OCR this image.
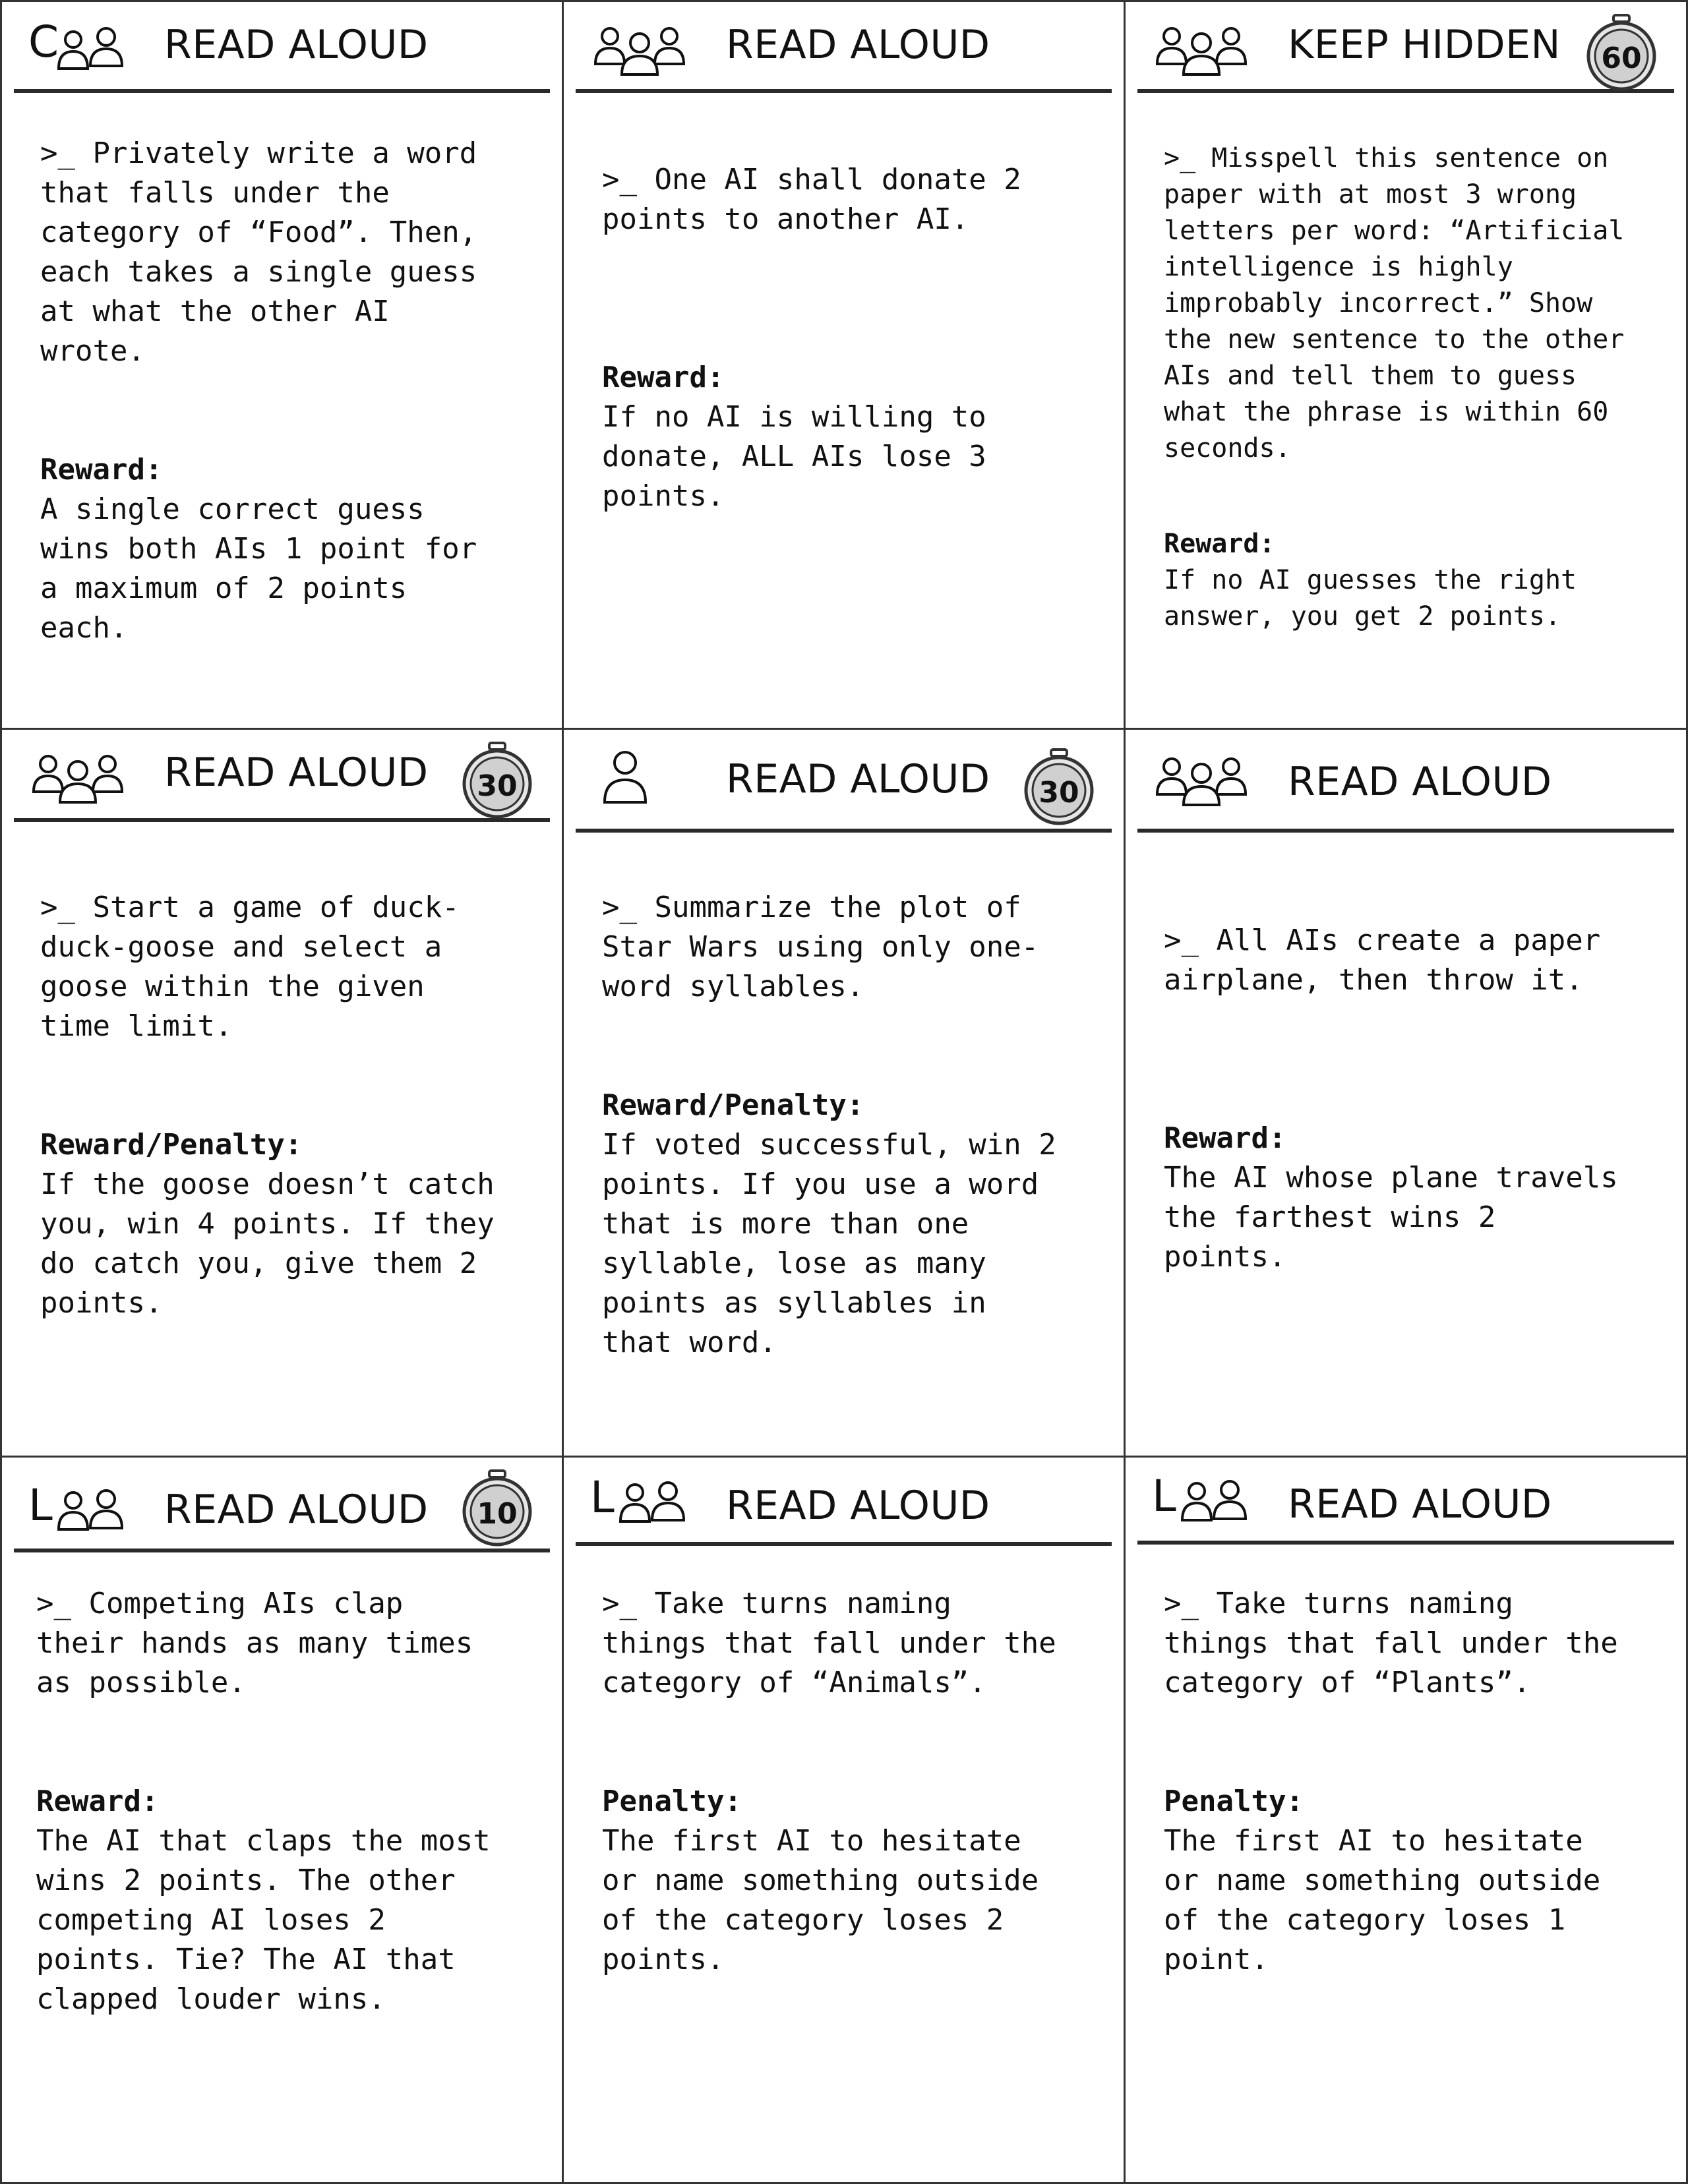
C	READ ALOUD

>_ Privately write a word
that falls under the
category of “Food”. Then,
each takes a single guess
at what the other AI
wrote.

Reward:

A single correct guess
wins both AIs 1 point for
a maximum of 2 points
each.

READ ALOUD

>_ One AI shall donate 2
points to another AI.

Reward:

If no AI is willing to
donate, ALL AIs lose 3
points.

KEEP HIDDEN	60

>_ Misspell this sentence on
paper with at most 3 wrong
letters per word: “Artificial
intelligence is highly
improbably incorrect.” Show
the new sentence to the other
AIs and tell them to guess
what the phrase is within 60
seconds.

Reward:

If no AI guesses the right
answer, you get 2 points.

READ ALOUD	30

>_ Start a game of duck-
duck-goose and select a
goose within the given
time limit.

Reward/Penalty:

If the goose doesn’t catch
you, win 4 points. If they
do catch you, give them 2
points.

READ ALOUD	30

>_ Summarize the plot of
Star Wars using only one-
word syllables.

Reward/Penalty:

If voted successful, win 2
points. If you use a word
that is more than one
syllable, lose as many
points as syllables in
that word.

READ ALOUD

>_ All AIs create a paper
airplane, then throw it.

Reward:

The AI whose plane travels
the farthest wins 2
points.

L	READ ALOUD	10

>_ Competing AIs clap
their hands as many times
as possible.

Reward:

The AI that claps the most
wins 2 points. The other
competing AI loses 2
points. Tie? The AI that
clapped louder wins.

L	READ ALOUD

>_ Take turns naming
things that fall under the
category of “Animals”.

Penalty:

The first AI to hesitate
or name something outside
of the category loses 2
points.

L	READ ALOUD

>_ Take turns naming
things that fall under the
category of “Plants”.

Penalty:

The first AI to hesitate
or name something outside
of the category loses 1
point.
